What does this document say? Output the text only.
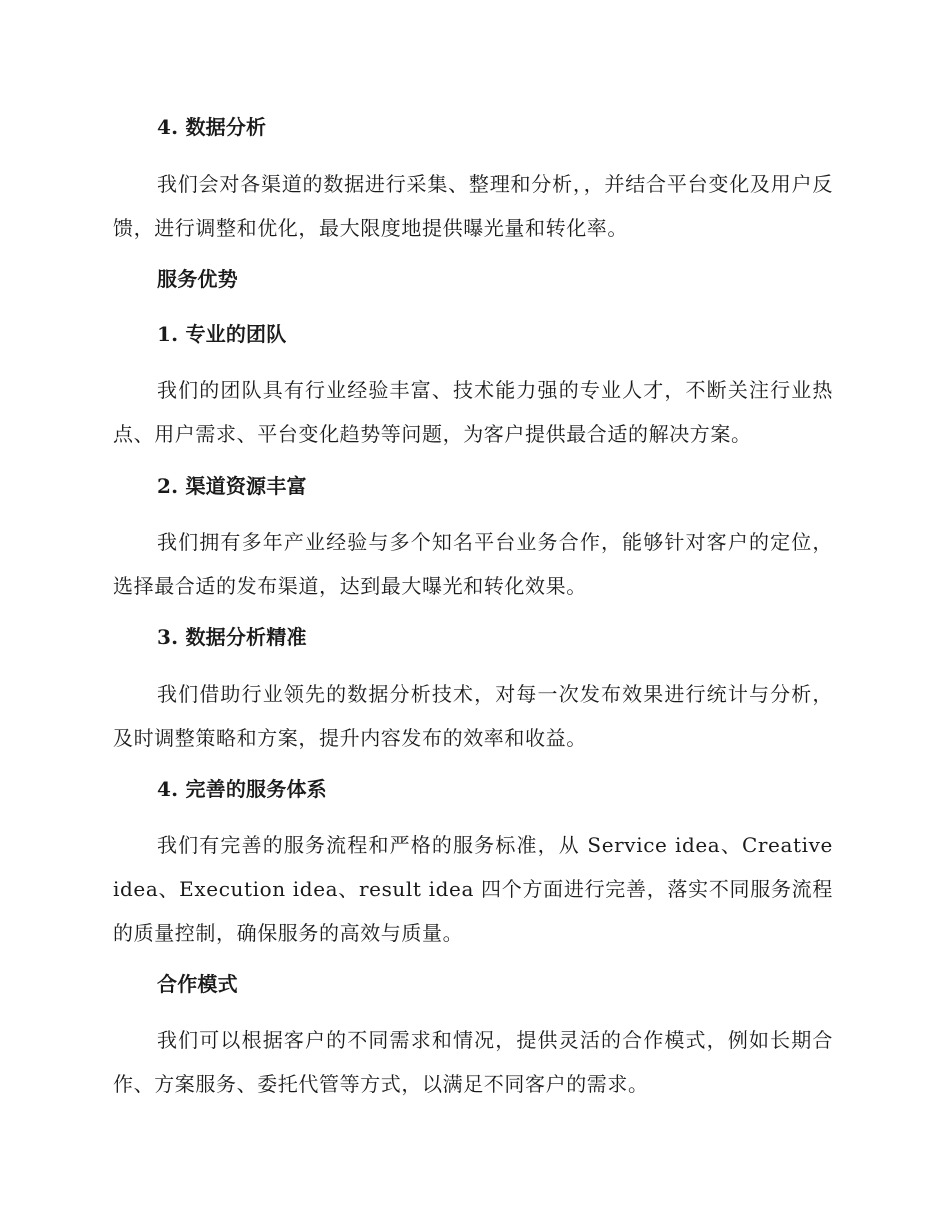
4. 数据分析
我们会对各渠道的数据进行采集、整理和分析，，并结合平台变化及用户反馈，进行调整和优化，最大限度地提供曝光量和转化率。
服务优势
1. 专业的团队
我们的团队具有行业经验丰富、技术能力强的专业人才，不断关注行业热点、用户需求、平台变化趋势等问题，为客户提供最合适的解决方案。
2. 渠道资源丰富
我们拥有多年产业经验与多个知名平台业务合作，能够针对客户的定位，选择最合适的发布渠道，达到最大曝光和转化效果。
3. 数据分析精准
我们借助行业领先的数据分析技术，对每一次发布效果进行统计与分析，及时调整策略和方案，提升内容发布的效率和收益。
4. 完善的服务体系
我们有完善的服务流程和严格的服务标准，从 Service idea、Creative idea、Execution idea、result idea 四个方面进行完善，落实不同服务流程的质量控制，确保服务的高效与质量。
合作模式
我们可以根据客户的不同需求和情况，提供灵活的合作模式，例如长期合作、方案服务、委托代管等方式，以满足不同客户的需求。
